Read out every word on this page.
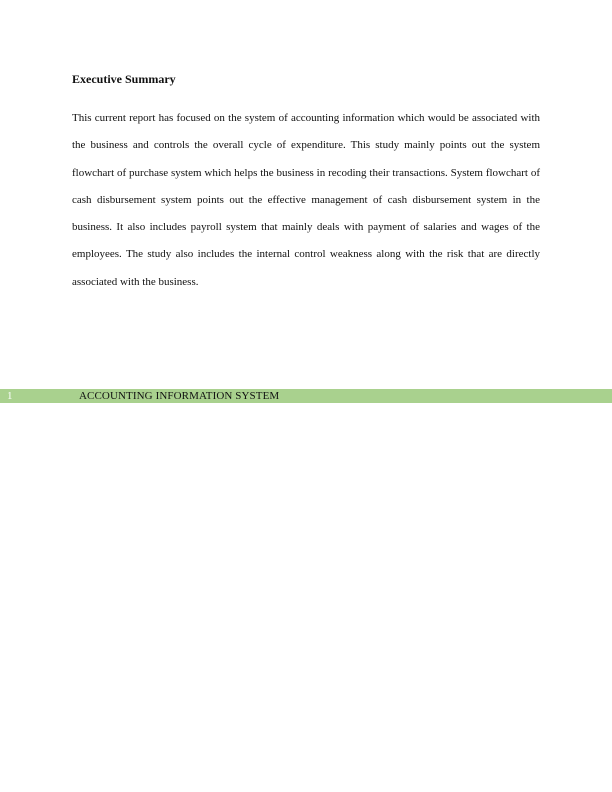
Executive Summary

This current report has focused on the system of accounting information which would be associated with the business and controls the overall cycle of expenditure. This study mainly points out the system flowchart of purchase system which helps the business in recoding their transactions. System flowchart of cash disbursement system points out the effective management of cash disbursement system in the business. It also includes payroll system that mainly deals with payment of salaries and wages of the employees. The study also includes the internal control weakness along with the risk that are directly associated with the business.

1	ACCOUNTING INFORMATION SYSTEM
